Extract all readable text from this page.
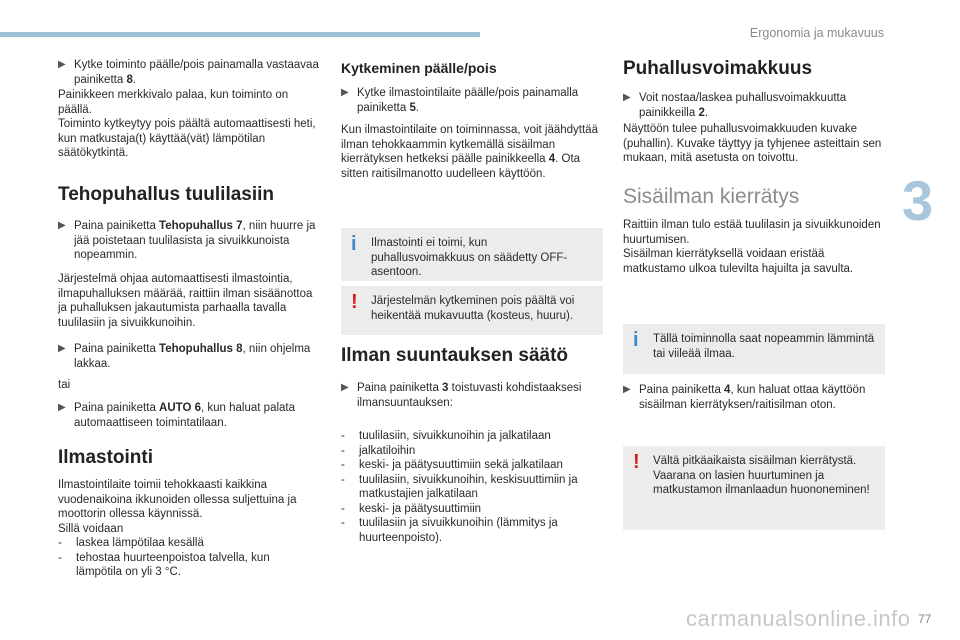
Ergonomia ja mukavuus
3
77
carmanualsonline.info
▶ Kytke toiminto päälle/pois painamalla vastaavaa painiketta 8.

Painikkeen merkkivalo palaa, kun toiminto on päällä.

Toiminto kytkeytyy pois päältä automaattisesti heti, kun matkustaja(t) käyttää(vät) lämpötilan säätökytkintä.

Tehopuhallus tuulilasiin
▶ Paina painiketta Tehopuhallus 7, niin huurre ja jää poistetaan tuulilasista ja sivuikkunoista nopeammin.
Järjestelmä ohjaa automaattisesti ilmastointia, ilmapuhalluksen määrää, raittiin ilman sisäänottoa ja puhalluksen jakautumista parhaalla tavalla tuulilasiin ja sivuikkunoihin.
▶ Paina painiketta Tehopuhallus 8, niin ohjelma lakkaa.
tai
▶ Paina painiketta AUTO 6, kun haluat palata automaattiseen toimintatilaan.
Ilmastointi

Ilmastointilaite toimii tehokkaasti kaikkina vuodenaikoina ikkunoiden ollessa suljettuina ja moottorin ollessa käynnissä.

Sillä voidaan

- laskea lämpötilaa kesällä
- tehostaa huurteenpoistoa talvella, kun lämpötila on yli 3 °C.
Kytkeminen päälle/pois
▶ Kytke ilmastointilaite päälle/pois painamalla painiketta 5.
Kun ilmastointilaite on toiminnassa, voit jäähdyttää ilman tehokkaammin kytkemällä sisäilman kierrätyksen hetkeksi päälle painikkeella 4. Ota sitten raitisilmanotto uudelleen käyttöön.
i Ilmastointi ei toimi, kun puhallusvoimakkuus on säädetty OFF-asentoon.
! Järjestelmän kytkeminen pois päältä voi heikentää mukavuutta (kosteus, huuru).
Ilman suuntauksen säätö
▶ Paina painiketta 3 toistuvasti kohdistaaksesi ilmansuuntauksen:
- tuulilasiin, sivuikkunoihin ja jalkatilaan
- jalkatiloihin
- keski- ja päätysuuttimiin sekä jalkatilaan
- tuulilasiin, sivuikkunoihin, keskisuuttimiin ja matkustajien jalkatilaan
- keski- ja päätysuuttimiin
- tuulilasiin ja sivuikkunoihin (lämmitys ja huurteenpoisto).
Puhallusvoimakkuus
▶ Voit nostaa/laskea puhallusvoimakkuutta painikkeilla 2.
Näyttöön tulee puhallusvoimakkuuden kuvake (puhallin). Kuvake täyttyy ja tyhjenee asteittain sen mukaan, mitä asetusta on toivottu.
Sisäilman kierrätys

Raittiin ilman tulo estää tuulilasin ja sivuikkunoiden huurtumisen.

Sisäilman kierrätyksellä voidaan eristää matkustamo ulkoa tulevilta hajuilta ja savulta.

i Tällä toiminnolla saat nopeammin lämmintä tai viileää ilmaa.
▶ Paina painiketta 4, kun haluat ottaa käyttöön sisäilman kierrätyksen/raitisilman oton.
! Vältä pitkäaikaista sisäilman kierrätystä. Vaarana on lasien huurtuminen ja matkustamon ilmanlaadun huononeminen!
